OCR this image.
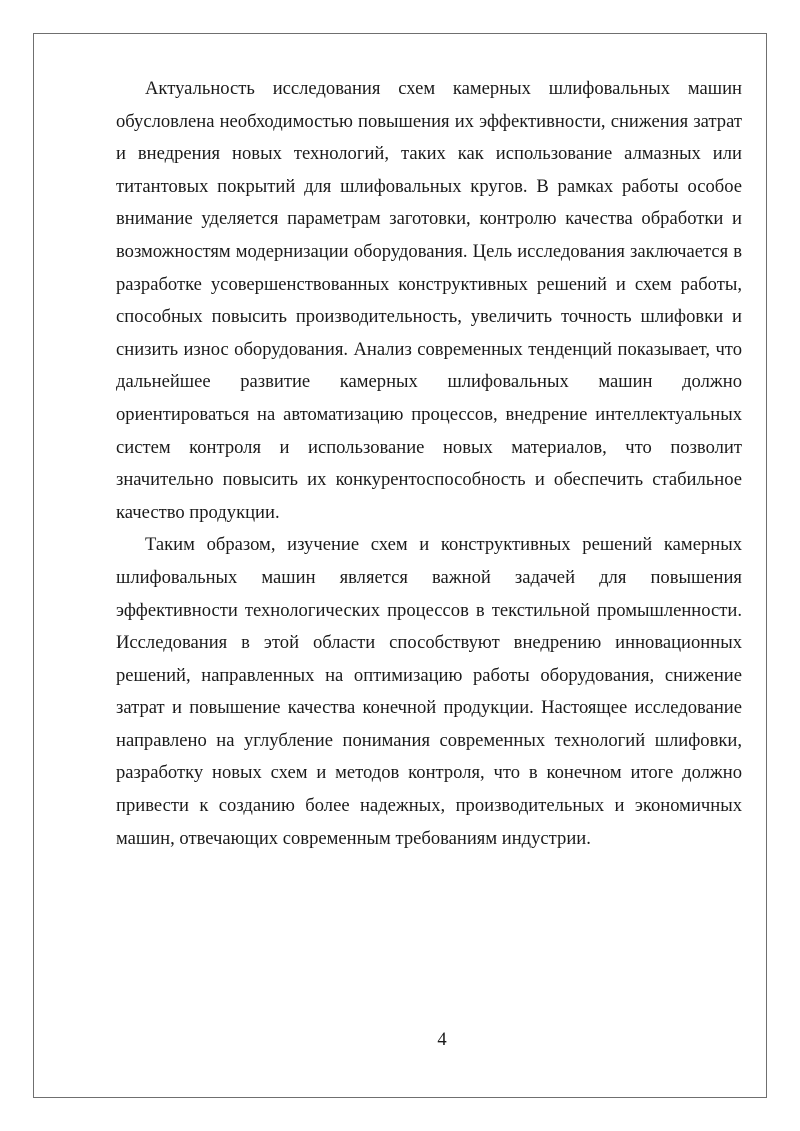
Актуальность исследования схем камерных шлифовальных машин
обусловлена необходимостью повышения их эффективности, снижения затрат
и внедрения новых технологий, таких как использование алмазных или
титантовых покрытий для шлифовальных кругов. В рамках работы особое
внимание уделяется параметрам заготовки, контролю качества обработки и
возможностям модернизации оборудования. Цель исследования заключается в
разработке усовершенствованных конструктивных решений и схем работы,
способных повысить производительность, увеличить точность шлифовки и
снизить износ оборудования. Анализ современных тенденций показывает, что
дальнейшее развитие камерных шлифовальных машин должно
ориентироваться на автоматизацию процессов, внедрение интеллектуальных
систем контроля и использование новых материалов, что позволит
значительно повысить их конкурентоспособность и обеспечить стабильное
качество продукции.

Таким образом, изучение схем и конструктивных решений камерных
шлифовальных машин является важной задачей для повышения
эффективности технологических процессов в текстильной промышленности.
Исследования в этой области способствуют внедрению инновационных
решений, направленных на оптимизацию работы оборудования, снижение
затрат и повышение качества конечной продукции. Настоящее исследование
направлено на углубление понимания современных технологий шлифовки,
разработку новых схем и методов контроля, что в конечном итоге должно
привести к созданию более надежных, производительных и экономичных
машин, отвечающих современным требованиям индустрии.

4
